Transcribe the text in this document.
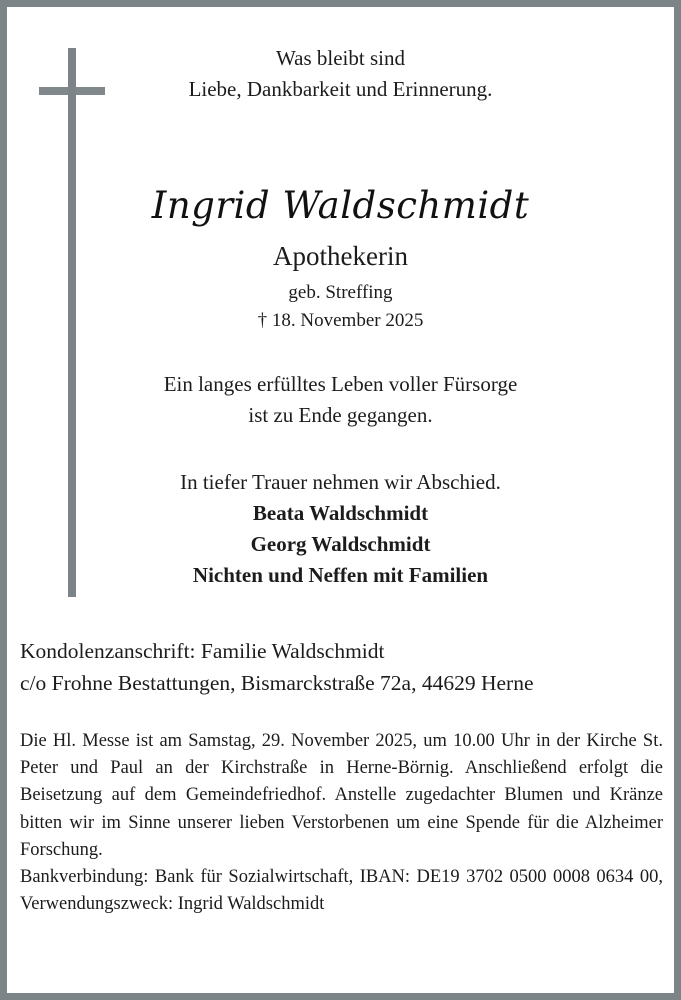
Was bleibt sind
Liebe, Dankbarkeit und Erinnerung.
Ingrid Waldschmidt
Apothekerin
geb. Streffing
† 18. November 2025
Ein langes erfülltes Leben voller Fürsorge
ist zu Ende gegangen.
In tiefer Trauer nehmen wir Abschied.
Beata Waldschmidt
Georg Waldschmidt
Nichten und Neffen mit Familien
Kondolenzanschrift: Familie Waldschmidt
c/o Frohne Bestattungen, Bismarckstraße 72a, 44629 Herne

Die Hl. Messe ist am Samstag, 29. November 2025, um 10.00 Uhr in der Kirche St. Peter und Paul an der Kirchstraße in Herne-Börnig. Anschließend erfolgt die Beisetzung auf dem Gemeindefriedhof. Anstelle zugedachter Blumen und Kränze bitten wir im Sinne unserer lieben Verstorbenen um eine Spende für die Alzheimer Forschung.

Bankverbindung: Bank für Sozialwirtschaft, IBAN: DE19 3702 0500 0008 0634 00, Verwendungszweck: Ingrid Waldschmidt
